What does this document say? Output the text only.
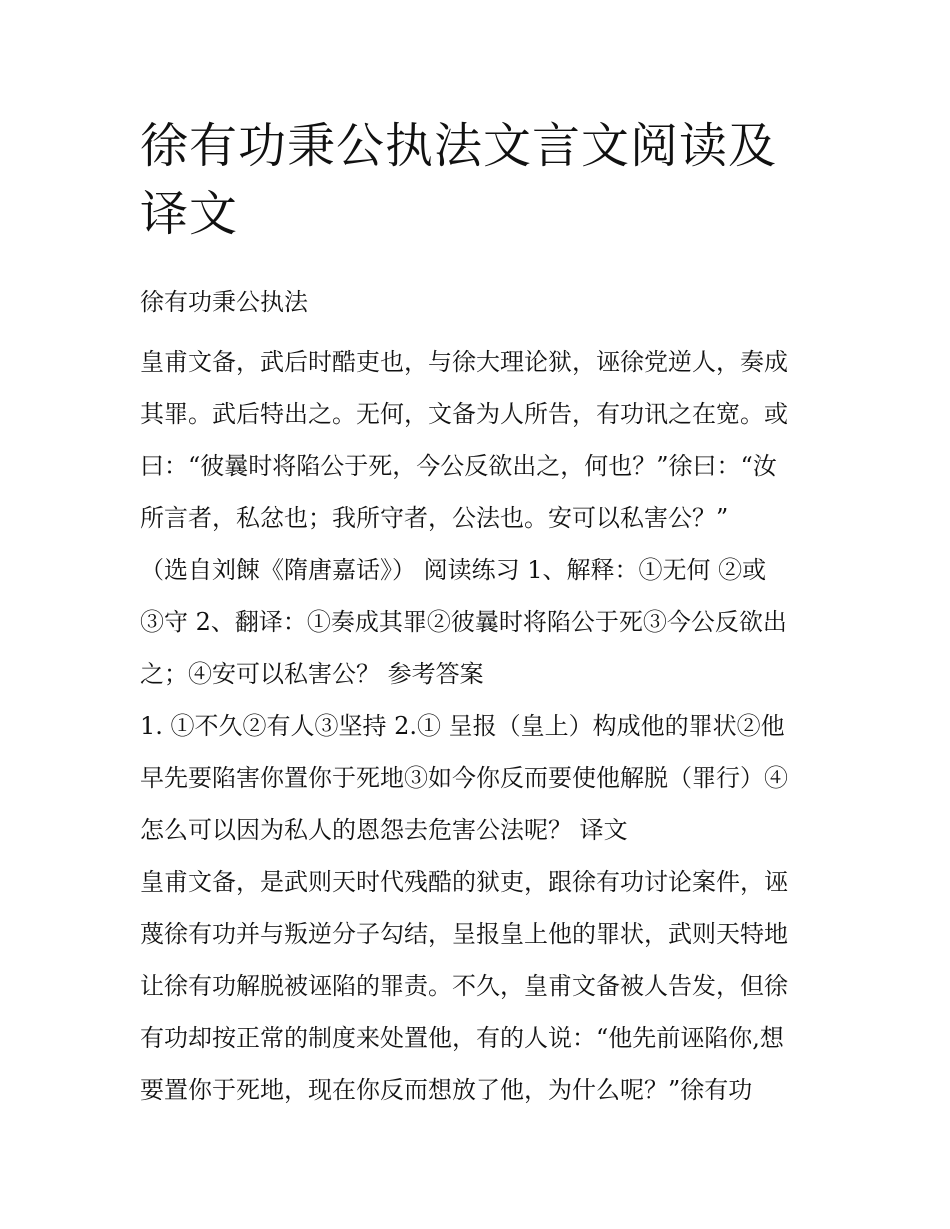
徐有功秉公执法文言文阅读及
译文
徐有功秉公执法
皇甫文备，武后时酷吏也，与徐大理论狱，诬徐党逆人，奏成
其罪。武后特出之。无何，文备为人所告，有功讯之在宽。或
曰：“彼曩时将陷公于死，今公反欲出之，何也？”徐曰：“汝
所言者，私忿也；我所守者，公法也。安可以私害公？”
（选自刘餗《隋唐嘉话》） 阅读练习 1、解释：①无何 ②或
③守 2、翻译：①奏成其罪②彼曩时将陷公于死③今公反欲出
之；④安可以私害公？ 参考答案
1. ①不久②有人③坚持 2.① 呈报（皇上）构成他的罪状②他
早先要陷害你置你于死地③如今你反而要使他解脱（罪行）④
怎么可以因为私人的恩怨去危害公法呢？ 译文
皇甫文备，是武则天时代残酷的狱吏，跟徐有功讨论案件，诬
蔑徐有功并与叛逆分子勾结，呈报皇上他的罪状，武则天特地
让徐有功解脱被诬陷的罪责。不久，皇甫文备被人告发，但徐
有功却按正常的制度来处置他，有的人说：“他先前诬陷你,想
要置你于死地，现在你反而想放了他，为什么呢？”徐有功
